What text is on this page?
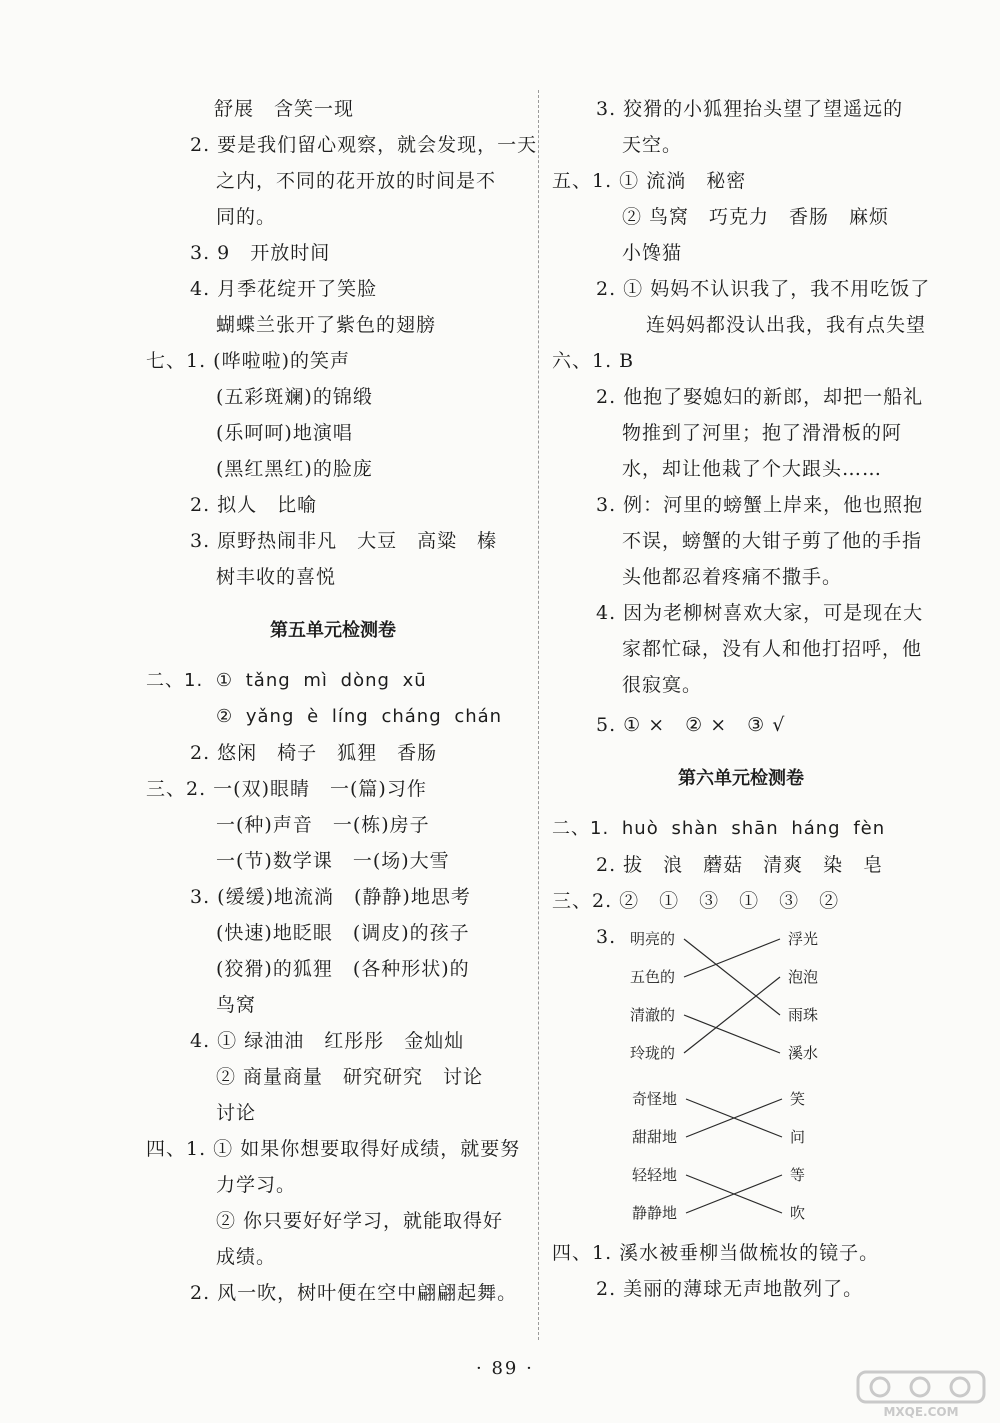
舒展　含笑一现
2. 要是我们留心观察，就会发现，一天
之内，不同的花开放的时间是不
同的。
3. 9　开放时间
4. 月季花绽开了笑脸
蝴蝶兰张开了紫色的翅膀
七、1. (哗啦啦)的笑声
(五彩斑斓)的锦缎
(乐呵呵)地演唱
(黑红黑红)的脸庞
2. 拟人　比喻
3. 原野热闹非凡　大豆　高粱　榛
树丰收的喜悦
第五单元检测卷
二、1. ① tǎng mì dòng xū
② yǎng è líng cháng chán
2. 悠闲　椅子　狐狸　香肠
三、2. 一(双)眼睛　一(篇)习作
一(种)声音　一(栋)房子
一(节)数学课　一(场)大雪
3. (缓缓)地流淌　(静静)地思考
(快速)地眨眼　(调皮)的孩子
(狡猾)的狐狸　(各种形状)的
鸟窝
4. ① 绿油油　红彤彤　金灿灿
② 商量商量　研究研究　讨论
讨论
四、1. ① 如果你想要取得好成绩，就要努
力学习。
② 你只要好好学习，就能取得好
成绩。
2. 风一吹，树叶便在空中翩翩起舞。
3. 狡猾的小狐狸抬头望了望遥远的
天空。
五、1. ① 流淌　秘密
② 鸟窝　巧克力　香肠　麻烦
小馋猫
2. ① 妈妈不认识我了，我不用吃饭了
连妈妈都没认出我，我有点失望
六、1. B
2. 他抱了娶媳妇的新郎，却把一船礼
物推到了河里；抱了滑滑板的阿
水，却让他栽了个大跟头……
3. 例：河里的螃蟹上岸来，他也照抱
不误，螃蟹的大钳子剪了他的手指
头他都忍着疼痛不撒手。
4. 因为老柳树喜欢大家，可是现在大
家都忙碌，没有人和他打招呼，他
很寂寞。
5. ① ×　② ×　③ √
第六单元检测卷
二、1. huò shàn shān háng fèn
2. 拔　浪　蘑菇　清爽　染　皂
三、2. ②　①　③　①　③　②
3.
四、1. 溪水被垂柳当做梳妆的镜子。
2. 美丽的薄球无声地散列了。
明亮的
五色的
清澈的
玲珑的
浮光
泡泡
雨珠
溪水
奇怪地
甜甜地
轻轻地
静静地
笑
问
等
吹
· 89 ·
MXQE.COM
